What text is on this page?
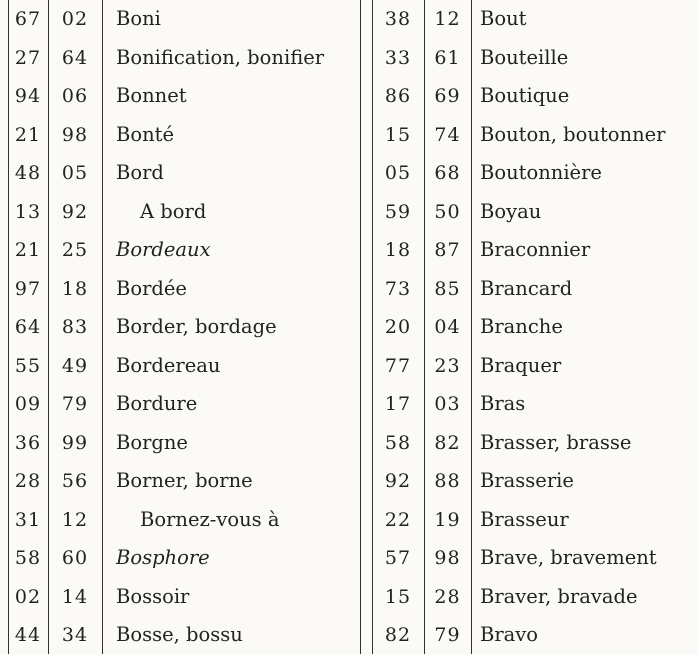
67	02	Boni
27	64	Bonification, bonifier
94	06	Bonnet
21	98	Bonté
48	05	Bord
13	92	A bord
21	25	Bordeaux
97	18	Bordée
64	83	Border, bordage
55	49	Bordereau
09	79	Bordure
36	99	Borgne
28	56	Borner, borne
31	12	Bornez-vous à
58	60	Bosphore
02	14	Bossoir
44	34	Bosse, bossu
38	12 Bout
33	61 Bouteille
86	69 Boutique
15	74 Bouton, boutonner
05	68 Boutonnière
59	50 Boyau
18	87 Braconnier
73	85 Brancard
20	04 Branche
77	23 Braquer
17	03 Bras
58	82 Brasser, brasse
92	88 Brasserie
22	19 Brasseur
57	98 Brave, bravement
15	28 Braver, bravade
82	79 Bravo
